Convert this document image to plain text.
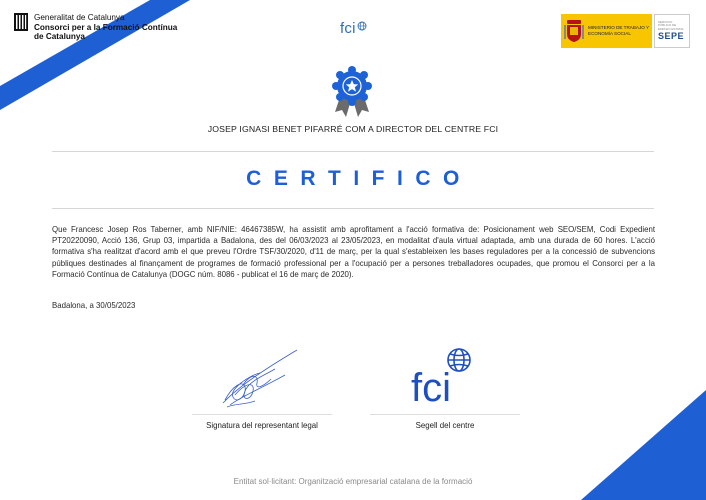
Generalitat de Catalunya
Consorci per a la Formació Contínua
de Catalunya	fci	MINISTERIO DE TRABAJO Y ECONOMÍA SOCIAL
SERVICIO PÚBLICO DE EMPLEO ESTATAL
SEPE
JOSEP IGNASI BENET PIFARRÉ COM A DIRECTOR DEL CENTRE FCI
CERTIFICO
Que Francesc Josep Ros Taberner, amb NIF/NIE: 46467385W, ha assistit amb aprofitament a l'acció formativa de: Posicionament web SEO/SEM, Codi Expedient PT20220090, Acció 136, Grup 03, impartida a Badalona, des del 06/03/2023 al 23/05/2023, en modalitat d'aula virtual adaptada, amb una durada de 60 hores. L'acció formativa s'ha realitzat d'acord amb el que preveu l'Ordre TSF/30/2020, d'11 de març, per la qual s'estableixen les bases reguladores per a la concessió de subvencions públiques destinades al finançament de programes de formació professional per a l'ocupació per a persones treballadores ocupades, que promou el Consorci per a la Formació Contínua de Catalunya (DOGC núm. 8086 - publicat el 16 de març de 2020).
Badalona, a 30/05/2023
Signatura del representant legal
fci
Segell del centre
Entitat sol·licitant: Organització empresarial catalana de la formació
